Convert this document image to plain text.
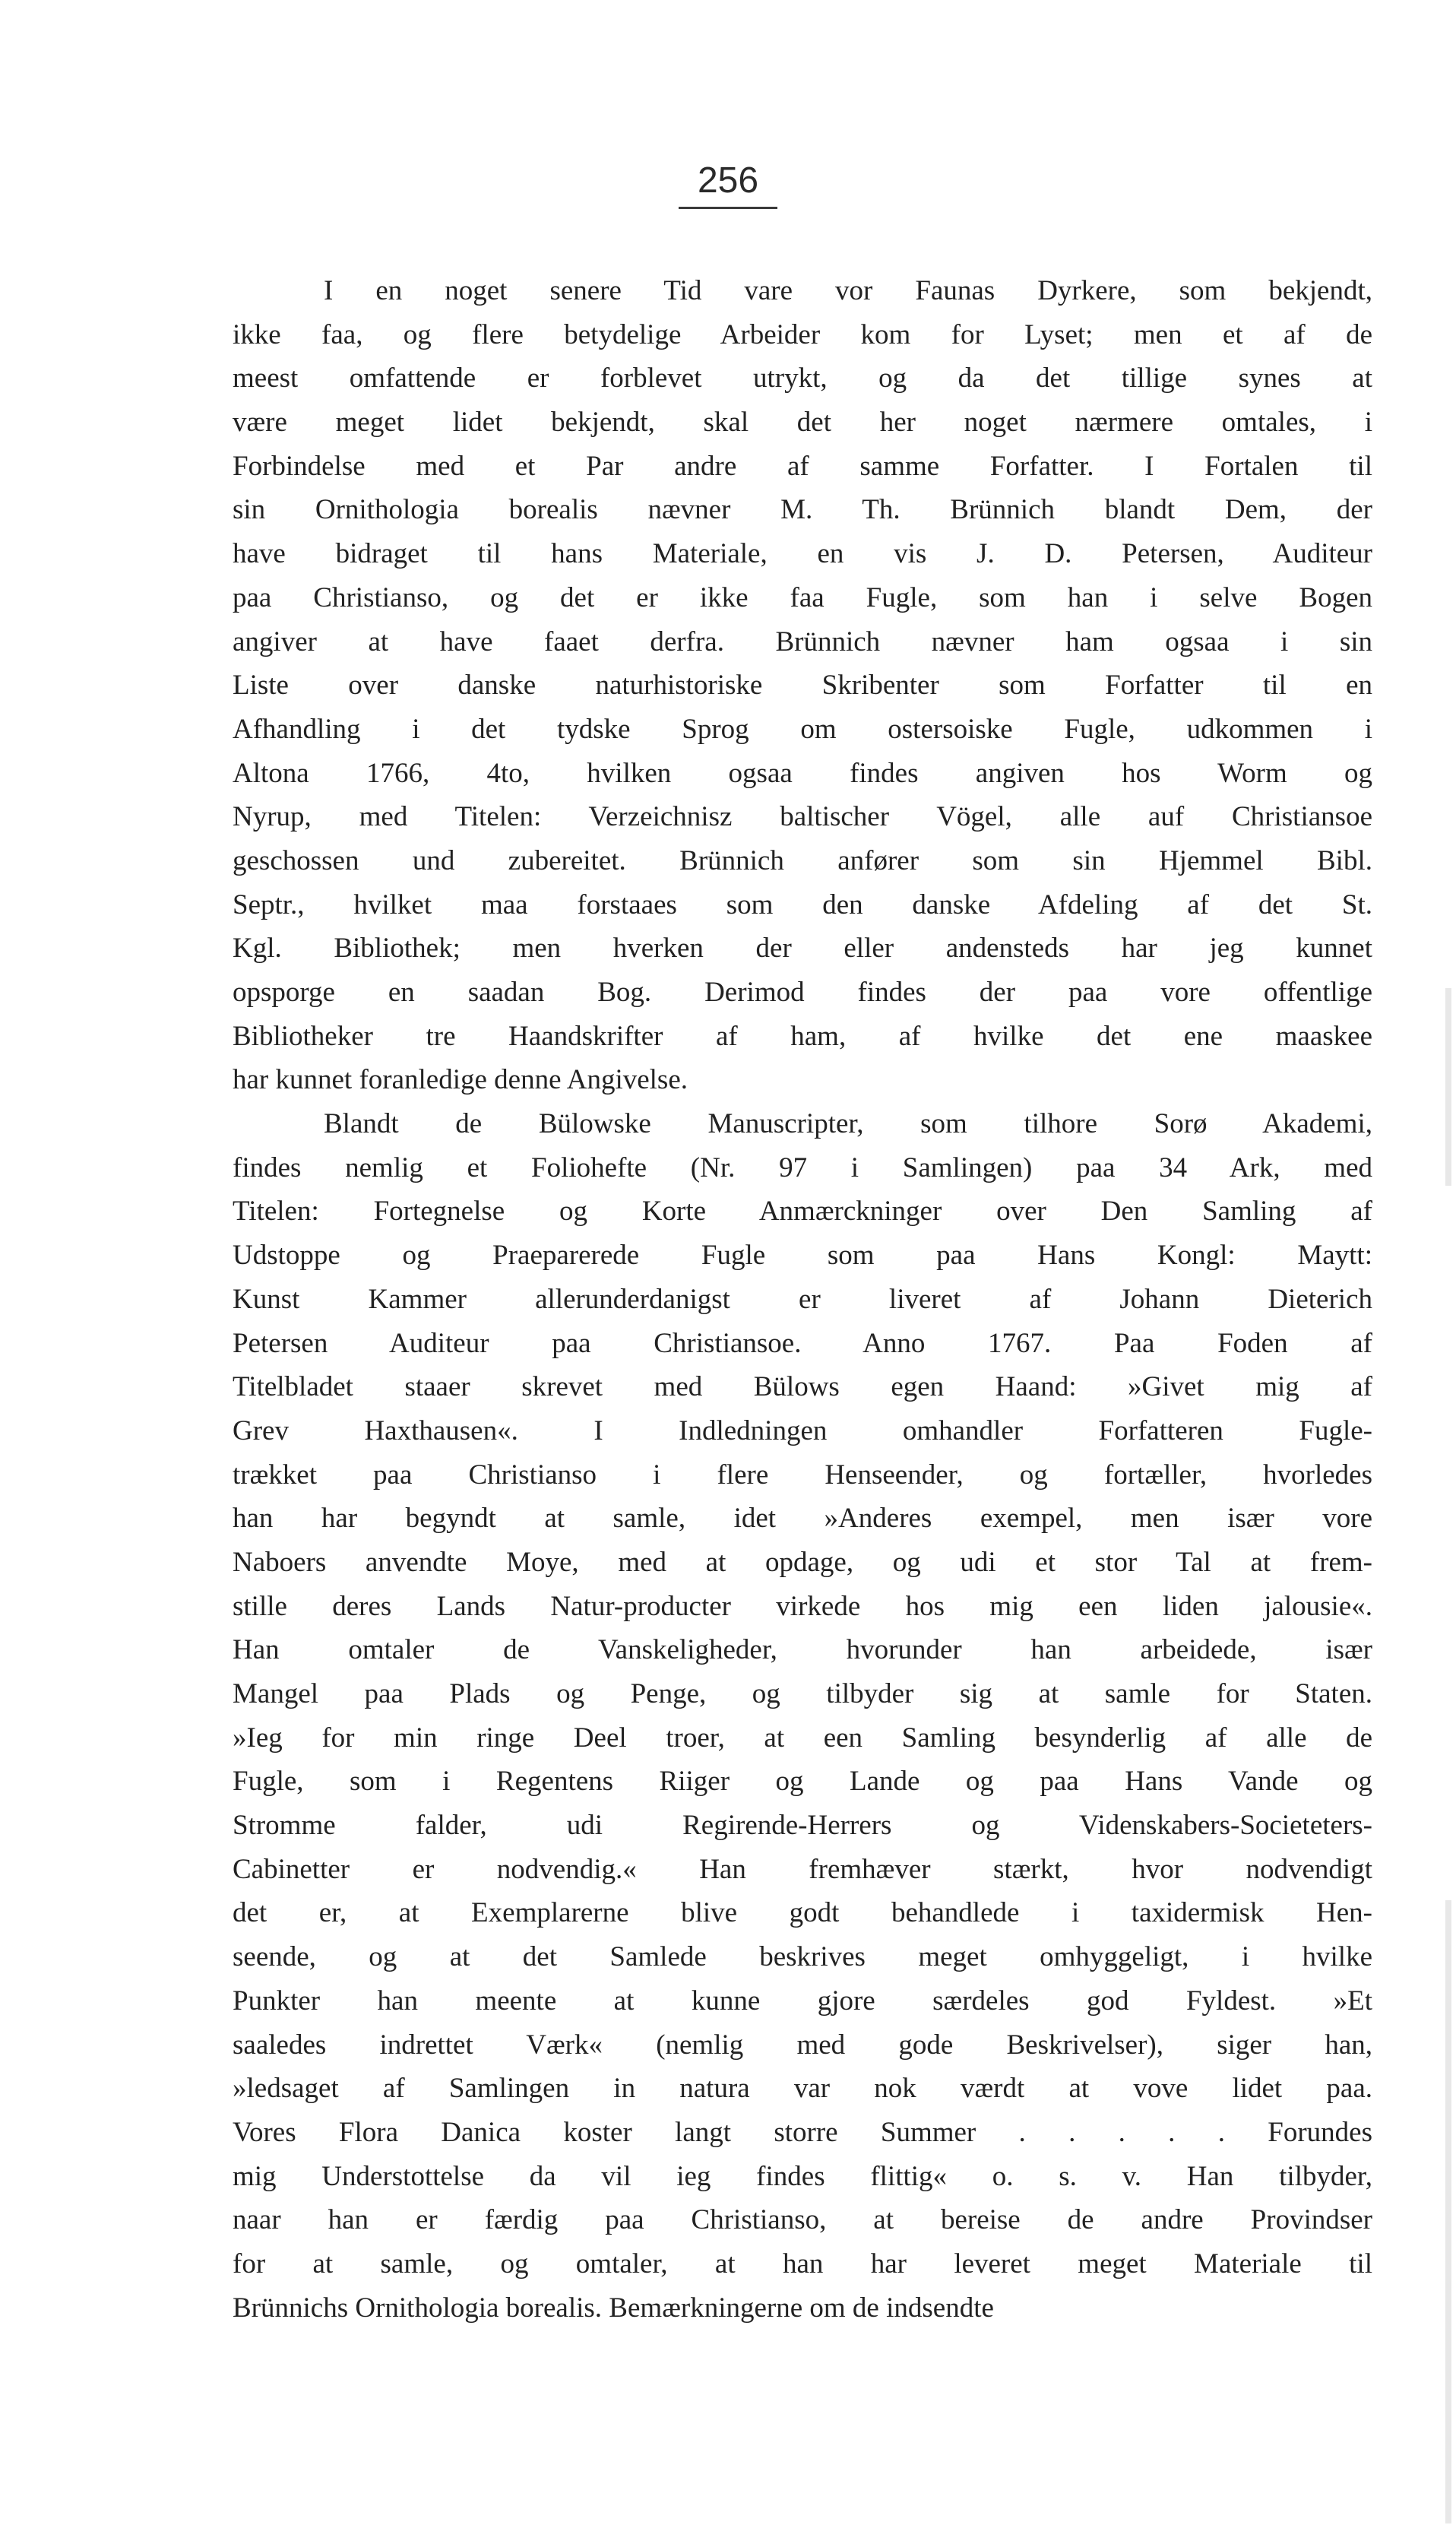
256
I en noget senere Tid vare vor Faunas Dyrkere, som bekjendt,
ikke faa, og flere betydelige Arbeider kom for Lyset; men et af de
meest omfattende er forblevet utrykt, og da det tillige synes at
være meget lidet bekjendt, skal det her noget nærmere omtales, i
Forbindelse med et Par andre af samme Forfatter. I Fortalen til
sin Ornithologia borealis nævner M. Th. Brünnich blandt Dem, der
have bidraget til hans Materiale, en vis J. D. Petersen, Auditeur
paa Christianso, og det er ikke faa Fugle, som han i selve Bogen
angiver at have faaet derfra. Brünnich nævner ham ogsaa i sin
Liste over danske naturhistoriske Skribenter som Forfatter til en
Afhandling i det tydske Sprog om ostersoiske Fugle, udkommen i
Altona 1766, 4to, hvilken ogsaa findes angiven hos Worm og
Nyrup, med Titelen: Verzeichnisz baltischer Vögel, alle auf Christiansoe
geschossen und zubereitet. Brünnich anfører som sin Hjemmel Bibl.
Septr., hvilket maa forstaaes som den danske Afdeling af det St.
Kgl. Bibliothek; men hverken der eller andensteds har jeg kunnet
opsporge en saadan Bog. Derimod findes der paa vore offentlige
Bibliotheker tre Haandskrifter af ham, af hvilke det ene maaskee
har kunnet foranledige denne Angivelse.
Blandt de Bülowske Manuscripter, som tilhore Sorø Akademi,
findes nemlig et Foliohefte (Nr. 97 i Samlingen) paa 34 Ark, med
Titelen: Fortegnelse og Korte Anmærckninger over Den Samling af
Udstoppe og Praeparerede Fugle som paa Hans Kongl: Maytt:
Kunst Kammer allerunderdanigst er liveret af Johann Dieterich
Petersen Auditeur paa Christiansoe. Anno 1767. Paa Foden af
Titelbladet staaer skrevet med Bülows egen Haand: »Givet mig af
Grev Haxthausen«. I Indledningen omhandler Forfatteren Fugle-
trækket paa Christianso i flere Henseender, og fortæller, hvorledes
han har begyndt at samle, idet »Anderes exempel, men især vore
Naboers anvendte Moye, med at opdage, og udi et stor Tal at frem-
stille deres Lands Natur-producter virkede hos mig een liden jalousie«.
Han omtaler de Vanskeligheder, hvorunder han arbeidede, især
Mangel paa Plads og Penge, og tilbyder sig at samle for Staten.
»Ieg for min ringe Deel troer, at een Samling besynderlig af alle de
Fugle, som i Regentens Riiger og Lande og paa Hans Vande og
Stromme falder, udi Regirende-Herrers og Videnskabers-Societeters-
Cabinetter er nodvendig.« Han fremhæver stærkt, hvor nodvendigt
det er, at Exemplarerne blive godt behandlede i taxidermisk Hen-
seende, og at det Samlede beskrives meget omhyggeligt, i hvilke
Punkter han meente at kunne gjore særdeles god Fyldest. »Et
saaledes indrettet Værk« (nemlig med gode Beskrivelser), siger han,
»ledsaget af Samlingen in natura var nok værdt at vove lidet paa.
Vores Flora Danica koster langt storre Summer . . . . . Forundes
mig Understottelse da vil ieg findes flittig« o. s. v. Han tilbyder,
naar han er færdig paa Christianso, at bereise de andre Provindser
for at samle, og omtaler, at han har leveret meget Materiale til
Brünnichs Ornithologia borealis. Bemærkningerne om de indsendte
